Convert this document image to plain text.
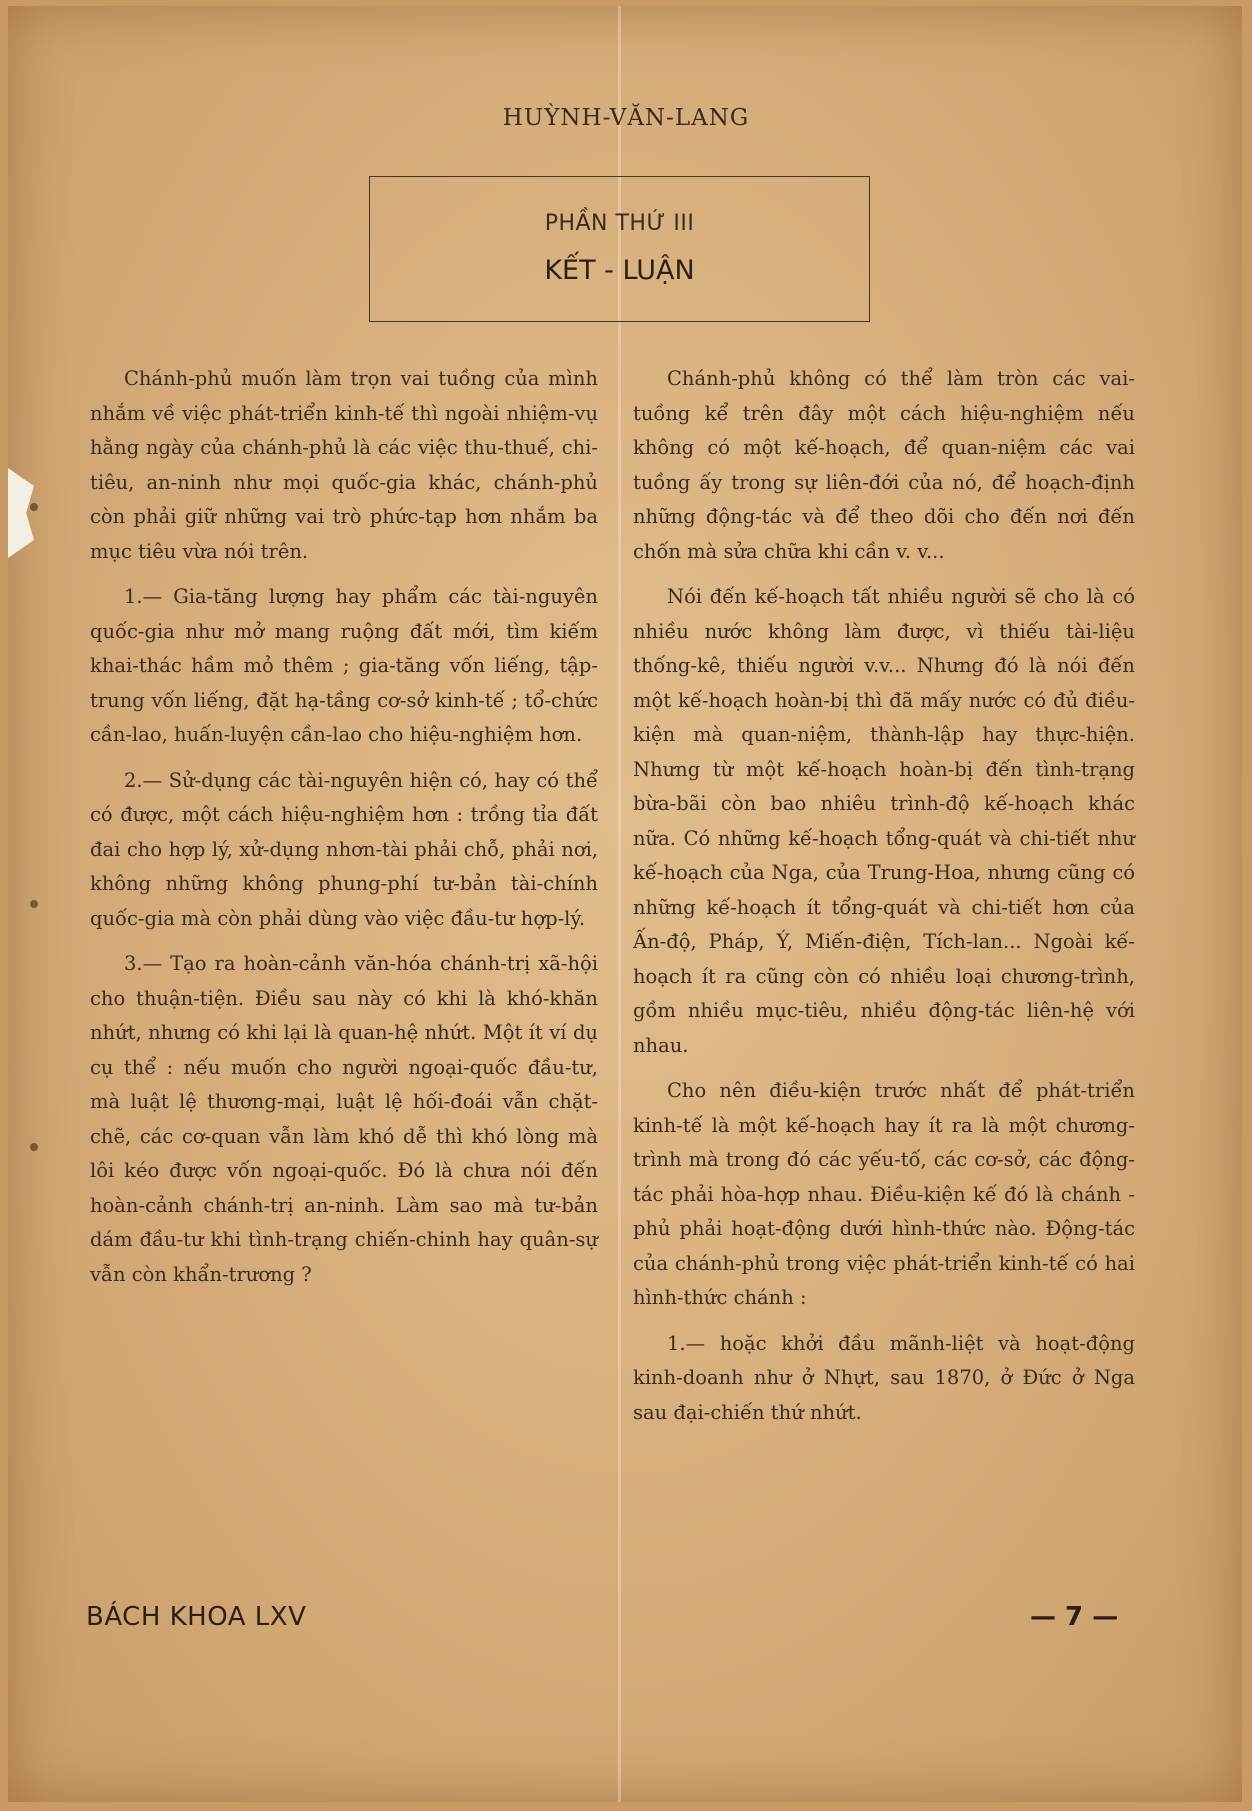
HUỲNH-VĂN-LANG
PHẦN THỨ III
KẾT - LUẬN

Chánh-phủ muốn làm trọn vai tuồng của mình nhắm về việc phát-triển kinh-tế thì ngoài nhiệm-vụ hằng ngày của chánh-phủ là các việc thu-thuế, chi-tiêu, an-ninh như mọi quốc-gia khác, chánh-phủ còn phải giữ những vai trò phức-tạp hơn nhắm ba mục tiêu vừa nói trên.

1.— Gia-tăng lượng hay phẩm các tài-nguyên quốc-gia như mở mang ruộng đất mới, tìm kiếm khai-thác hầm mỏ thêm ; gia-tăng vốn liếng, tập-trung vốn liếng, đặt hạ-tầng cơ-sở kinh-tế ; tổ-chức cần-lao, huấn-luyện cần-lao cho hiệu-nghiệm hơn.

2.— Sử-dụng các tài-nguyên hiện có, hay có thể có được, một cách hiệu-nghiệm hơn : trồng tỉa đất đai cho hợp lý, xử-dụng nhơn-tài phải chỗ, phải nơi, không những không phung-phí tư-bản tài-chính quốc-gia mà còn phải dùng vào việc đầu-tư hợp-lý.

3.— Tạo ra hoàn-cảnh văn-hóa chánh-trị xã-hội cho thuận-tiện. Điều sau này có khi là khó-khăn nhứt, nhưng có khi lại là quan-hệ nhứt. Một ít ví dụ cụ thể : nếu muốn cho người ngoại-quốc đầu-tư, mà luật lệ thương-mại, luật lệ hối-đoái vẫn chặt-chẽ, các cơ-quan vẫn làm khó dễ thì khó lòng mà lôi kéo được vốn ngoại-quốc. Đó là chưa nói đến hoàn-cảnh chánh-trị an-ninh. Làm sao mà tư-bản dám đầu-tư khi tình-trạng chiến-chinh hay quân-sự vẫn còn khẩn-trương ?

Chánh-phủ không có thể làm tròn các vai-tuồng kể trên đây một cách hiệu-nghiệm nếu không có một kế-hoạch, để quan-niệm các vai tuồng ấy trong sự liên-đới của nó, để hoạch-định những động-tác và để theo dõi cho đến nơi đến chốn mà sửa chữa khi cần v. v...

Nói đến kế-hoạch tất nhiều người sẽ cho là có nhiều nước không làm được, vì thiếu tài-liệu thống-kê, thiếu người v.v... Nhưng đó là nói đến một kế-hoạch hoàn-bị thì đã mấy nước có đủ điều-kiện mà quan-niệm, thành-lập hay thực-hiện. Nhưng từ một kế-hoạch hoàn-bị đến tình-trạng bừa-bãi còn bao nhiêu trình-độ kế-hoạch khác nữa. Có những kế-hoạch tổng-quát và chi-tiết như kế-hoạch của Nga, của Trung-Hoa, nhưng cũng có những kế-hoạch ít tổng-quát và chi-tiết hơn của Ấn-độ, Pháp, Ý, Miến-điện, Tích-lan... Ngoài kế-hoạch ít ra cũng còn có nhiều loại chương-trình, gồm nhiều mục-tiêu, nhiều động-tác liên-hệ với nhau.

Cho nên điều-kiện trước nhất để phát-triển kinh-tế là một kế-hoạch hay ít ra là một chương-trình mà trong đó các yếu-tố, các cơ-sở, các động-tác phải hòa-hợp nhau. Điều-kiện kế đó là chánh - phủ phải hoạt-động dưới hình-thức nào. Động-tác của chánh-phủ trong việc phát-triển kinh-tế có hai hình-thức chánh :

1.— hoặc khởi đầu mãnh-liệt và hoạt-động kinh-doanh như ở Nhựt, sau 1870, ở Đức ở Nga sau đại-chiến thứ nhứt.

BÁCH KHOA LXV	— 7 —
